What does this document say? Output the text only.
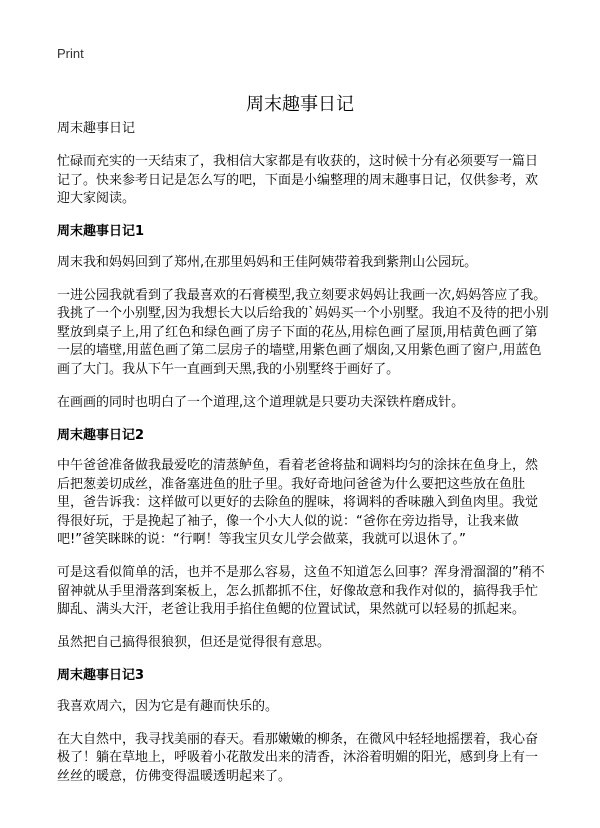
Print
周末趣事日记

周末趣事日记

忙碌而充实的一天结束了，我相信大家都是有收获的，这时候十分有必须要写一篇日记了。快来参考日记是怎么写的吧，下面是小编整理的周末趣事日记，仅供参考，欢迎大家阅读。

周末趣事日记1

周末我和妈妈回到了郑州,在那里妈妈和王佳阿姨带着我到紫荆山公园玩。

一进公园我就看到了我最喜欢的石膏模型,我立刻要求妈妈让我画一次,妈妈答应了我。我挑了一个小别墅,因为我想长大以后给我的`妈妈买一个小别墅。我迫不及待的把小别墅放到桌子上,用了红色和绿色画了房子下面的花丛,用棕色画了屋顶,用桔黄色画了第一层的墙壁,用蓝色画了第二层房子的墙壁,用紫色画了烟囱,又用紫色画了窗户,用蓝色画了大门。我从下午一直画到天黑,我的小别墅终于画好了。

在画画的同时也明白了一个道理,这个道理就是只要功夫深铁杵磨成针。

周末趣事日记2

中午爸爸准备做我最爱吃的清蒸鲈鱼，看着老爸将盐和调料均匀的涂抹在鱼身上，然后把葱姜切成丝，准备塞进鱼的肚子里。我好奇地问爸爸为什么要把这些放在鱼肚里，爸告诉我：这样做可以更好的去除鱼的腥味，将调料的香味融入到鱼肉里。我觉得很好玩，于是挽起了袖子，像一个小大人似的说：“爸你在旁边指导，让我来做吧!”爸笑眯眯的说：“行啊！等我宝贝女儿学会做菜，我就可以退休了。”

可是这看似简单的活，也并不是那么容易，这鱼不知道怎么回事？浑身滑溜溜的”稍不留神就从手里滑落到案板上，怎么抓都抓不住，好像故意和我作对似的，搞得我手忙脚乱、满头大汗，老爸让我用手掐住鱼鳃的位置试试，果然就可以轻易的抓起来。

虽然把自己搞得很狼狈，但还是觉得很有意思。

周末趣事日记3

我喜欢周六，因为它是有趣而快乐的。

在大自然中，我寻找美丽的春天。看那嫩嫩的柳条，在微风中轻轻地摇摆着，我心奋极了！躺在草地上，呼吸着小花散发出来的清香，沐浴着明媚的阳光，感到身上有一丝丝的暖意，仿佛变得温暖透明起来了。
